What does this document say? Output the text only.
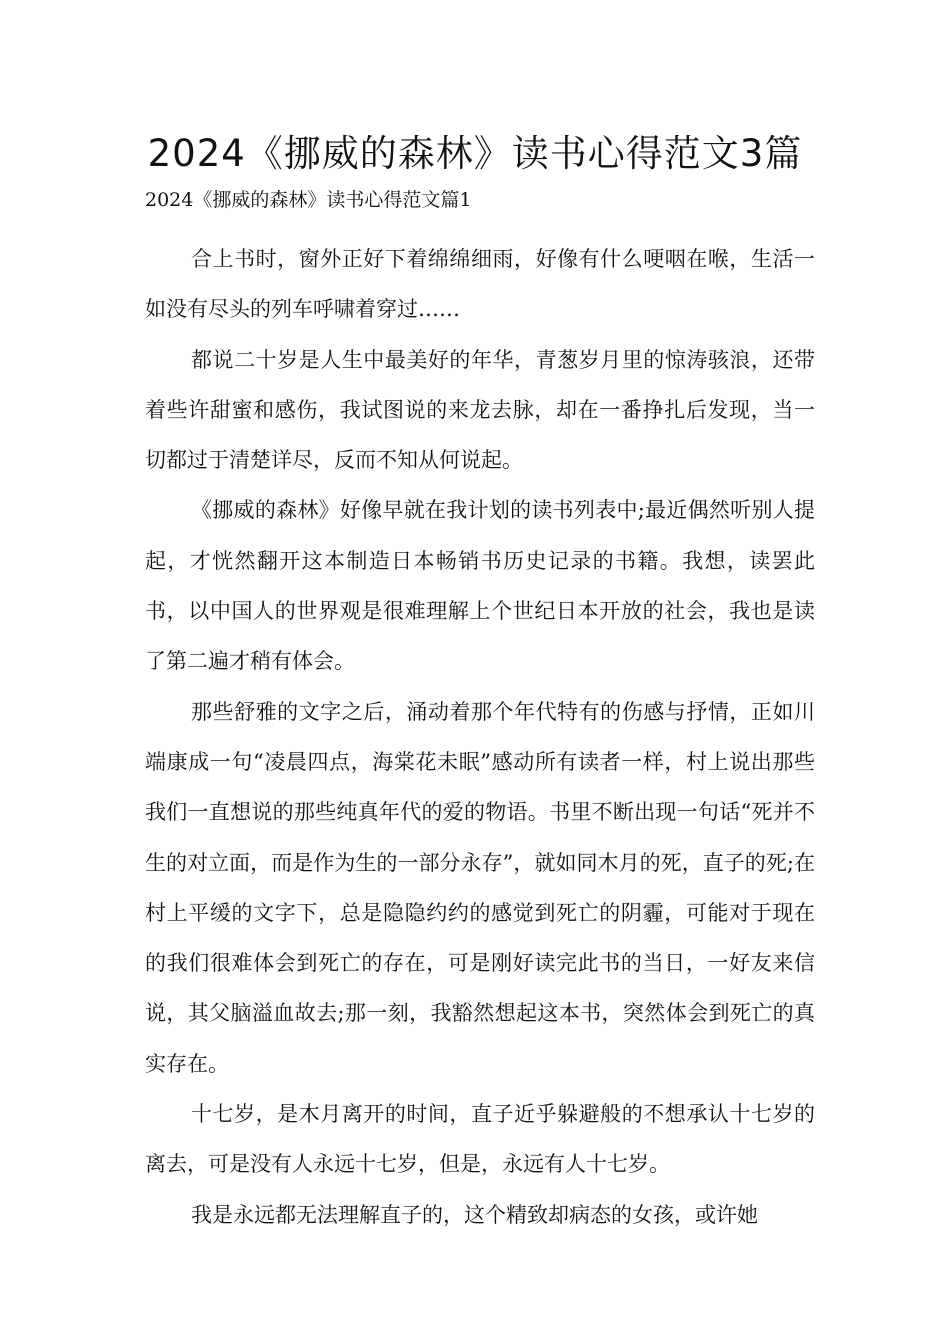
2024《挪威的森林》读书心得范文3篇
2024《挪威的森林》读书心得范文篇1

合上书时，窗外正好下着绵绵细雨，好像有什么哽咽在喉，生活一如没有尽头的列车呼啸着穿过……

都说二十岁是人生中最美好的年华，青葱岁月里的惊涛骇浪，还带着些许甜蜜和感伤，我试图说的来龙去脉，却在一番挣扎后发现，当一切都过于清楚详尽，反而不知从何说起。

《挪威的森林》好像早就在我计划的读书列表中;最近偶然听别人提起，才恍然翻开这本制造日本畅销书历史记录的书籍。我想，读罢此书，以中国人的世界观是很难理解上个世纪日本开放的社会，我也是读了第二遍才稍有体会。

那些舒雅的文字之后，涌动着那个年代特有的伤感与抒情，正如川端康成一句“凌晨四点，海棠花未眠”感动所有读者一样，村上说出那些我们一直想说的那些纯真年代的爱的物语。书里不断出现一句话“死并不生的对立面，而是作为生的一部分永存”，就如同木月的死，直子的死;在村上平缓的文字下，总是隐隐约约的感觉到死亡的阴霾，可能对于现在的我们很难体会到死亡的存在，可是刚好读完此书的当日，一好友来信说，其父脑溢血故去;那一刻，我豁然想起这本书，突然体会到死亡的真实存在。

十七岁，是木月离开的时间，直子近乎躲避般的不想承认十七岁的离去，可是没有人永远十七岁，但是，永远有人十七岁。

我是永远都无法理解直子的，这个精致却病态的女孩，或许她
